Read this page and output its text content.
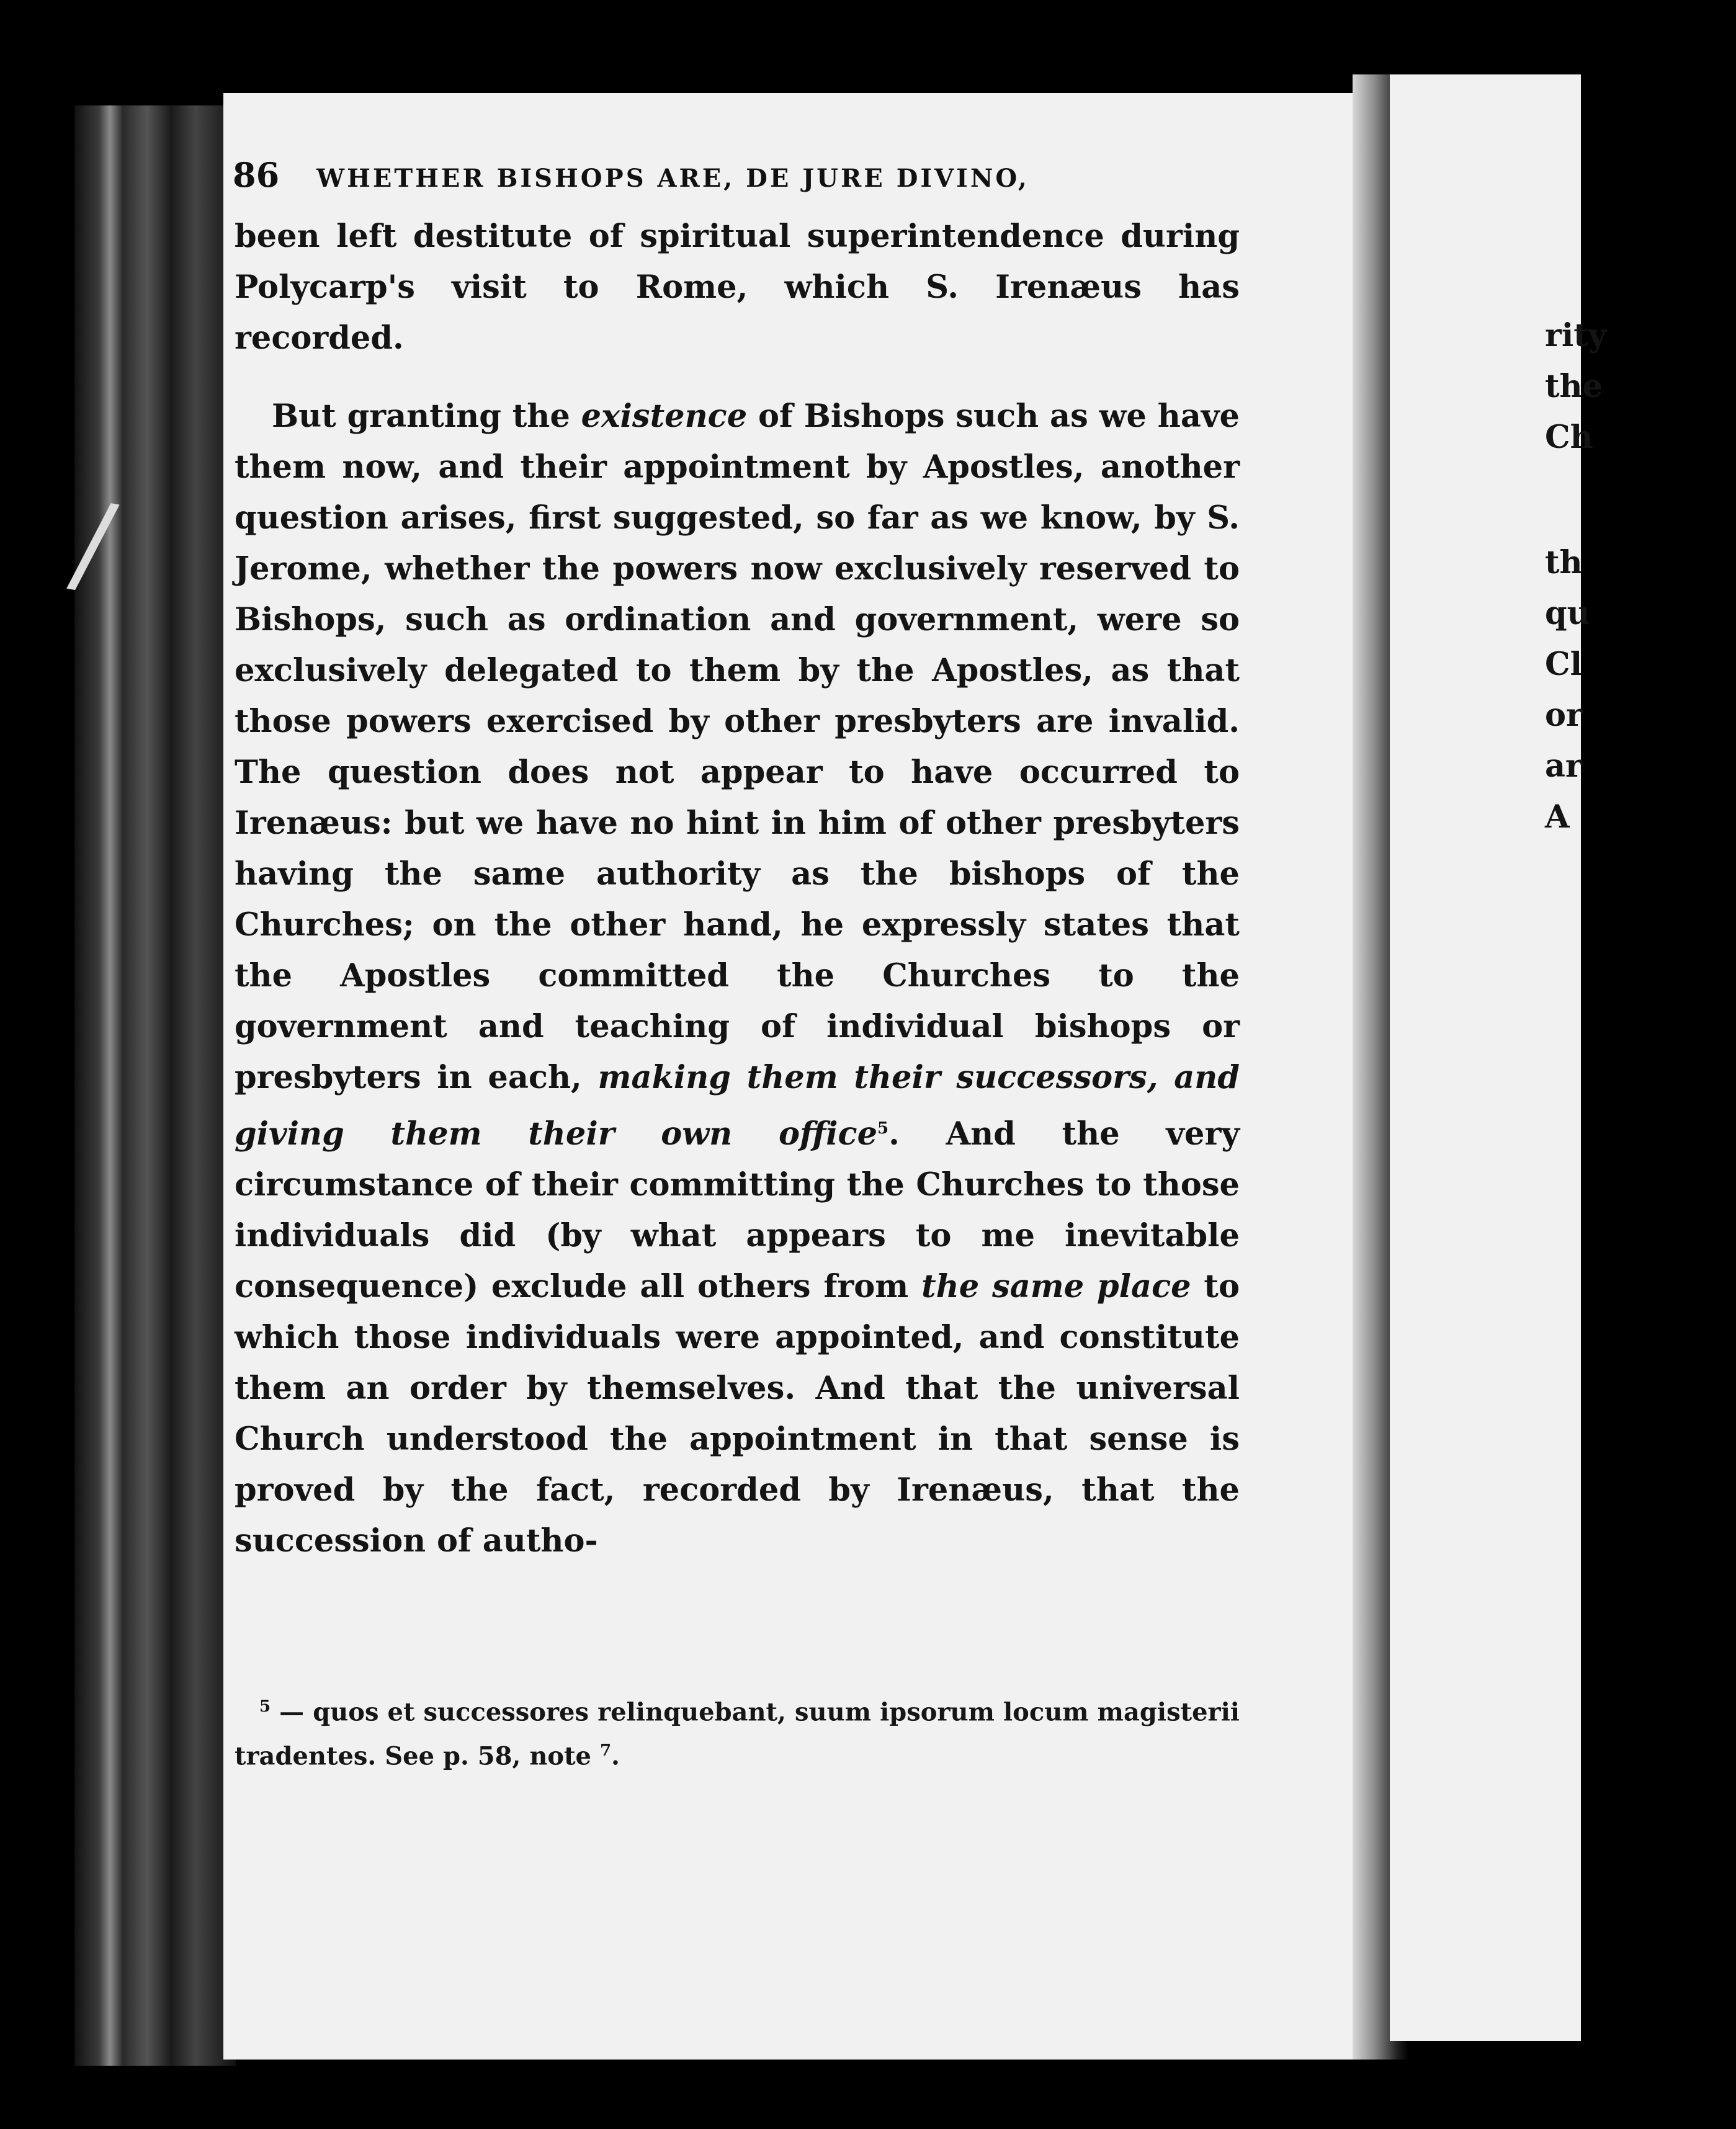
/
rity
the
Ch
th
qu
Cl
or
ar
A
86 WHETHER BISHOPS ARE, DE JURE DIVINO,

been left destitute of spiritual superintendence during Polycarp's visit to Rome, which S. Irenæus has recorded.

But granting the existence of Bishops such as we have them now, and their appointment by Apostles, another question arises, first suggested, so far as we know, by S. Jerome, whether the powers now exclusively reserved to Bishops, such as ordination and government, were so exclusively delegated to them by the Apostles, as that those powers exercised by other presbyters are invalid. The question does not appear to have occurred to Irenæus: but we have no hint in him of other presbyters having the same authority as the bishops of the Churches; on the other hand, he expressly states that the Apostles committed the Churches to the government and teaching of individual bishops or presbyters in each, making them their successors, and giving them their own office$^5$. And the very circumstance of their committing the Churches to those individuals did (by what appears to me inevitable consequence) exclude all others from the same place to which those individuals were appointed, and constitute them an order by themselves. And that the universal Church understood the appointment in that sense is proved by the fact, recorded by Irenæus, that the succession of autho-

$^5$ — quos et successores relinquebant, suum ipsorum locum magisterii tradentes. See p. 58, note $^7$.
